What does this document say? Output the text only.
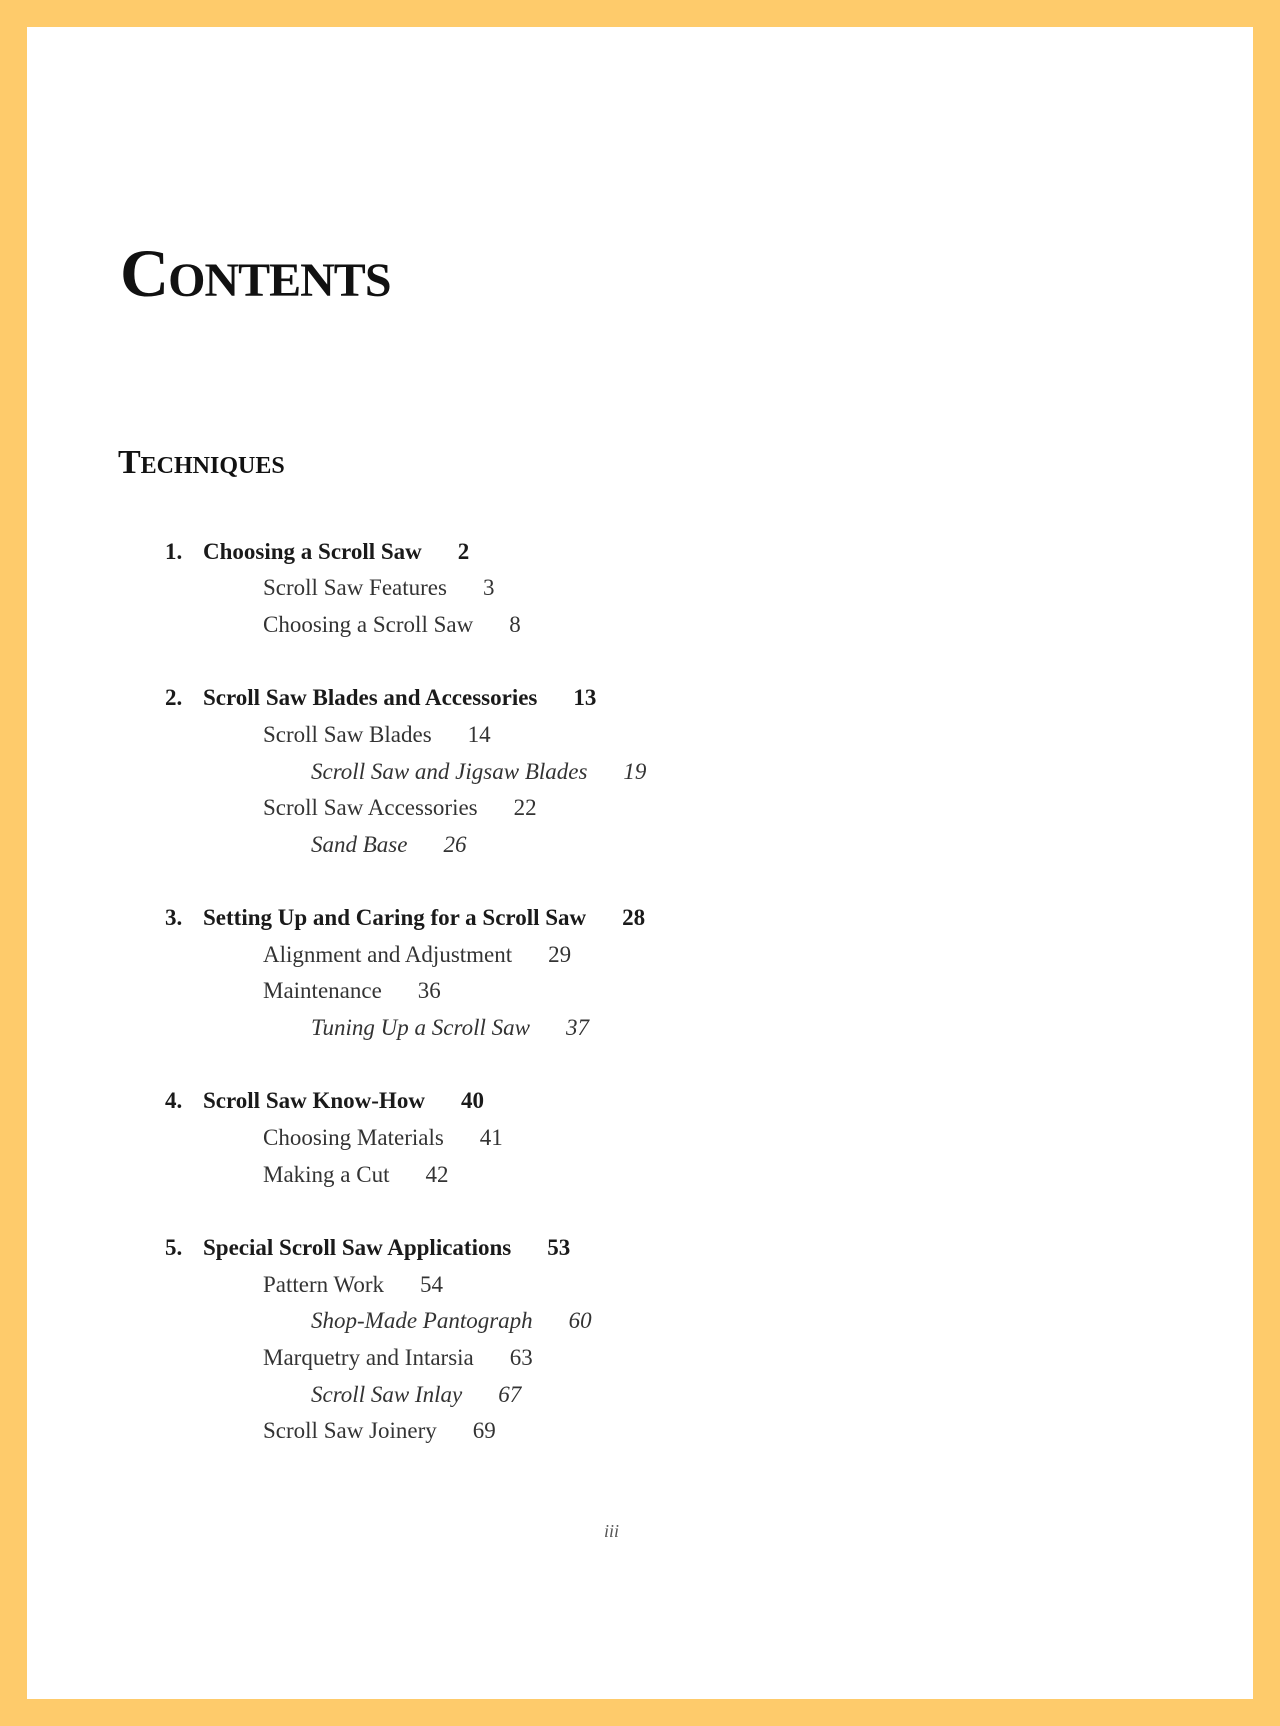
Contents
Techniques
1. Choosing a Scroll Saw 2
Scroll Saw Features 3
Choosing a Scroll Saw 8
2. Scroll Saw Blades and Accessories 13
Scroll Saw Blades 14
Scroll Saw and Jigsaw Blades 19
Scroll Saw Accessories 22
Sand Base 26
3. Setting Up and Caring for a Scroll Saw 28
Alignment and Adjustment 29
Maintenance 36
Tuning Up a Scroll Saw 37
4. Scroll Saw Know-How 40
Choosing Materials 41
Making a Cut 42
5. Special Scroll Saw Applications 53
Pattern Work 54
Shop-Made Pantograph 60
Marquetry and Intarsia 63
Scroll Saw Inlay 67
Scroll Saw Joinery 69
iii
